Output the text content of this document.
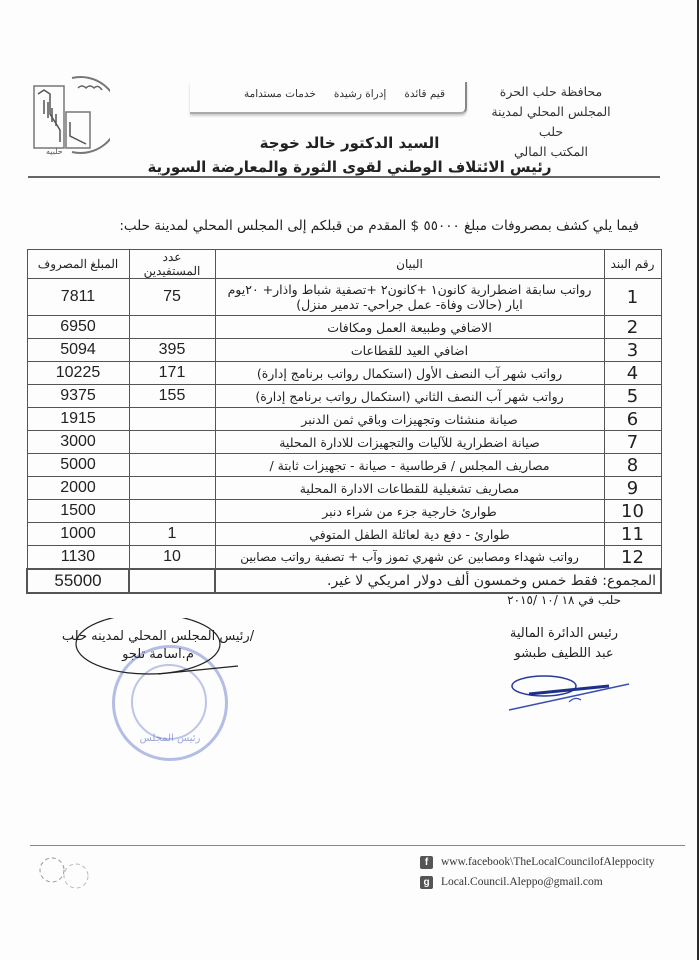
محافظة حلب الحرة
المجلس المحلي لمدينة حلب
المكتب المالي
قيم قائدة
إدراة رشيدة
خدمات مستدامة
حلبيه	السيد الدكتور خالد خوجة
رئيس الائتلاف الوطني لقوى الثورة والمعارضة السورية
فيما يلي كشف بمصروفات مبلغ ٥٥٠٠٠ $ المقدم من قبلكم إلى المجلس المحلي لمدينة حلب:
رقم البند	البيان	عدد المستفيدين	المبلغ المصروف
1	رواتب سابقة اضطرارية كانون١ +كانون٢ +تصفية شباط واذار+ ٢٠يوم ايار (حالات وفاة- عمل جراحي- تدمير منزل)	75	7811
2	الاضافي وطبيعة العمل ومكافات		6950
3	اضافي العيد للقطاعات	395	5094
4	رواتب شهر آب النصف الأول (استكمال رواتب برنامج إدارة)	171	10225
5	رواتب شهر آب النصف الثاني (استكمال رواتب برنامج إدارة)	155	9375
6	صيانة منشئات وتجهيزات وباقي ثمن الدنبر		1915
7	صيانة اضطرارية للآليات والتجهيزات للادارة المحلية		3000
8	مصاريف المجلس / قرطاسية - صيانة - تجهيزات ثابتة /		5000
9	مصاريف تشغيلية للقطاعات الادارة المحلية		2000
10	طوارئ خارجية جزء من شراء دنبر		1500
11	طوارئ - دفع دية لعائلة الطفل المتوفي	1	1000
12	رواتب شهداء ومصابين عن شهري تموز وآب + تصفية رواتب مصابين	10	1130
المجموع: فقط خمس وخمسون ألف دولار امريكي لا غير.			55000
حلب في ١٨ /١٠ /٢٠١٥
رئيس الدائرة المالية
عبد اللطيف طبشو
رئيس المجلس
/رئيس المجلس المحلي لمدينه حلب
م.اسامة تلجو
f www.facebook\TheLocalCouncilofAleppocity
g Local.Council.Aleppo@gmail.com
